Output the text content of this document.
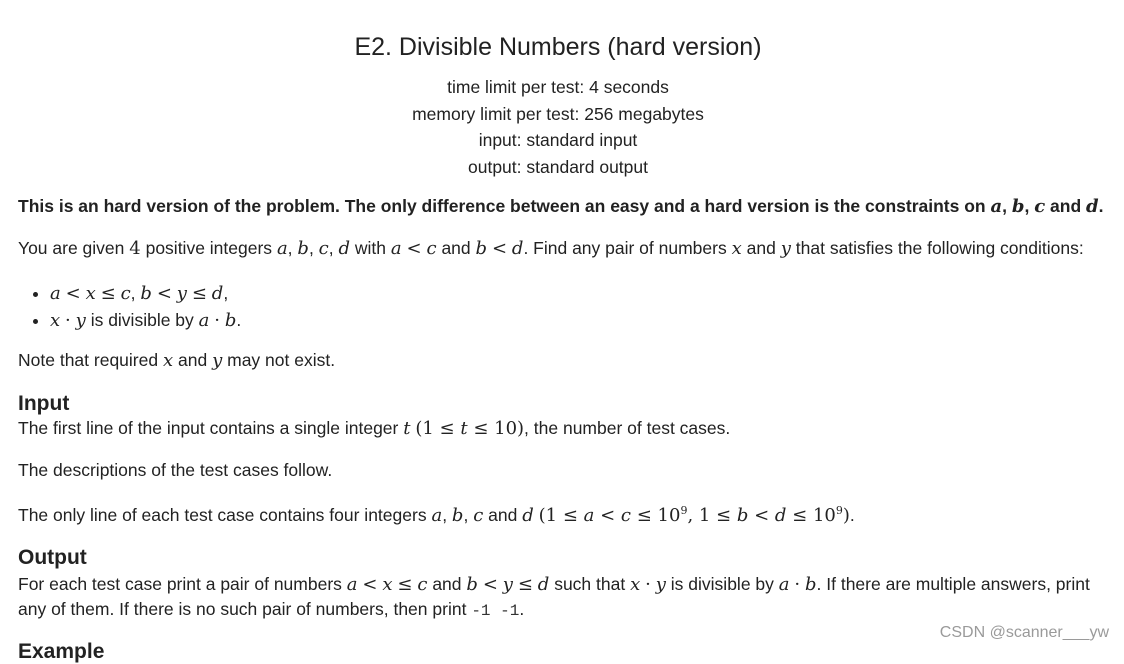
E2. Divisible Numbers (hard version)
time limit per test: 4 seconds
memory limit per test: 256 megabytes
input: standard input
output: standard output

This is an hard version of the problem. The only difference between an easy and a hard version is the constraints on a, b, c and d.

You are given 4 positive integers a, b, c, d with a < c and b < d. Find any pair of numbers x and y that satisfies the following conditions:

• a < x ≤ c, b < y ≤ d,
• x · y is divisible by a · b.

Note that required x and y may not exist.

Input

The first line of the input contains a single integer t (1 ≤ t ≤ 10), the number of test cases.

The descriptions of the test cases follow.

The only line of each test case contains four integers a, b, c and d ($1 \le a < c \le 10^9$, $1 \le b < d \le 10^9$).

Output

For each test case print a pair of numbers a < x ≤ c and b < y ≤ d such that x · y is divisible by a · b. If there are multiple answers, print any of them. If there is no such pair of numbers, then print -1 -1.

Example
CSDN @scanner___yw
